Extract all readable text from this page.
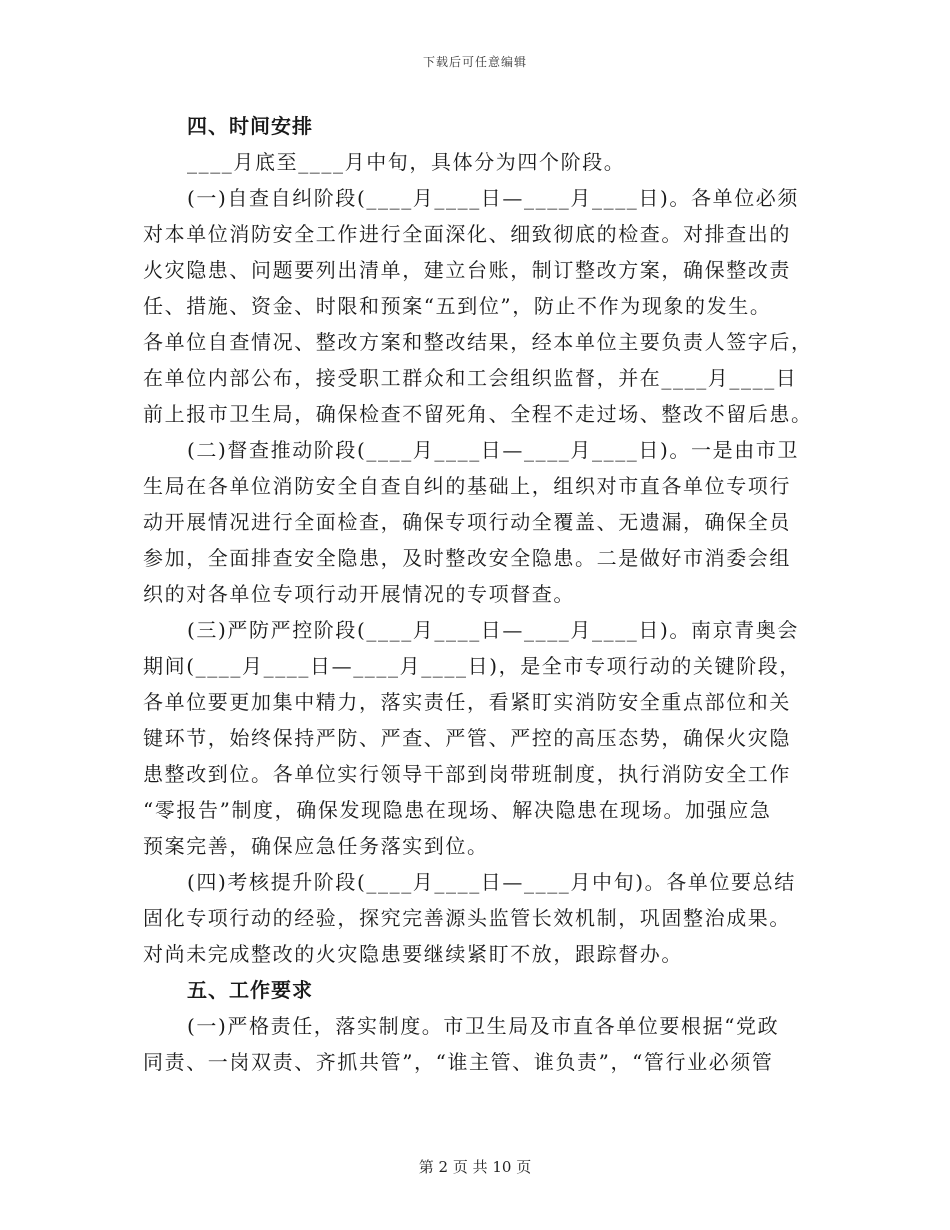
下载后可任意编辑
四、时间安排
____月底至____月中旬，具体分为四个阶段。
(一)自查自纠阶段(____月____日—____月____日)。各单位必须
对本单位消防安全工作进行全面深化、细致彻底的检查。对排查出的
火灾隐患、问题要列出清单，建立台账，制订整改方案，确保整改责
任、措施、资金、时限和预案“五到位”，防止不作为现象的发生。
各单位自查情况、整改方案和整改结果，经本单位主要负责人签字后，
在单位内部公布，接受职工群众和工会组织监督，并在____月____日
前上报市卫生局，确保检查不留死角、全程不走过场、整改不留后患。
(二)督查推动阶段(____月____日—____月____日)。一是由市卫
生局在各单位消防安全自查自纠的基础上，组织对市直各单位专项行
动开展情况进行全面检查，确保专项行动全覆盖、无遗漏，确保全员
参加，全面排查安全隐患，及时整改安全隐患。二是做好市消委会组
织的对各单位专项行动开展情况的专项督查。
(三)严防严控阶段(____月____日—____月____日)。南京青奥会
期间(____月____日—____月____日)，是全市专项行动的关键阶段，
各单位要更加集中精力，落实责任，看紧盯实消防安全重点部位和关
键环节，始终保持严防、严查、严管、严控的高压态势，确保火灾隐
患整改到位。各单位实行领导干部到岗带班制度，执行消防安全工作
“零报告”制度，确保发现隐患在现场、解决隐患在现场。加强应急
预案完善，确保应急任务落实到位。
(四)考核提升阶段(____月____日—____月中旬)。各单位要总结
固化专项行动的经验，探究完善源头监管长效机制，巩固整治成果。
对尚未完成整改的火灾隐患要继续紧盯不放，跟踪督办。
五、工作要求
(一)严格责任，落实制度。市卫生局及市直各单位要根据“党政
同责、一岗双责、齐抓共管”，“谁主管、谁负责”，“管行业必须管
第 2 页 共 10 页
